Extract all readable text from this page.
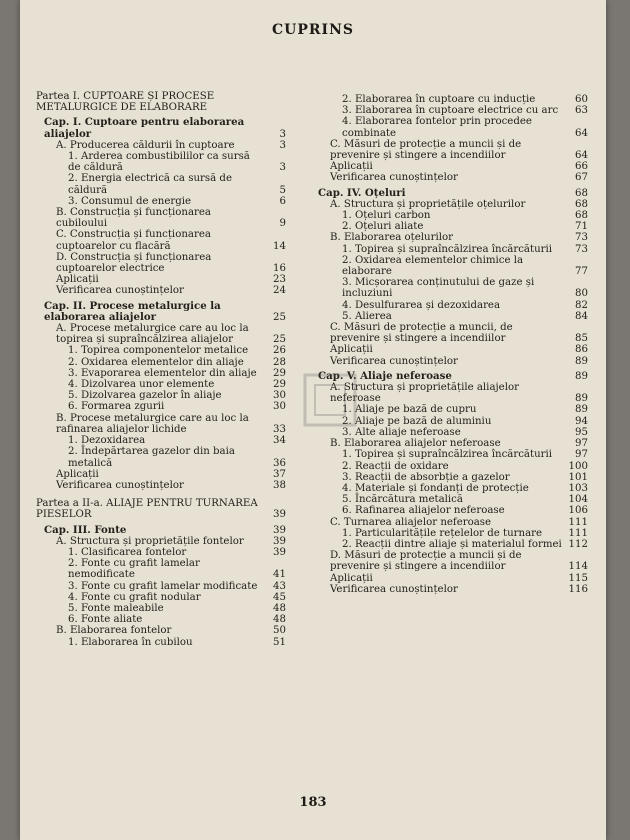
CUPRINS
Partea I. CUPTOARE ȘI PROCESE METALURGICE DE ELABORARE
Cap. I. Cuptoare pentru elaborarea aliajelor	3
A. Producerea căldurii în cuptoare	3
1. Arderea combustibililor ca sursă de căldură	3
2. Energia electrică ca sursă de căldură	5
3. Consumul de energie	6
B. Construcția și funcționarea cubiloului	9
C. Construcția și funcționarea cuptoarelor cu flacără	14
D. Construcția și funcționarea cuptoarelor electrice	16
Aplicații	23
Verificarea cunoștințelor	24
Cap. II. Procese metalurgice la elaborarea aliajelor	25
A. Procese metalurgice care au loc la topirea și supraîncălzirea aliajelor	25
1. Topirea componentelor metalice	26
2. Oxidarea elementelor din aliaje	28
3. Evaporarea elementelor din aliaje	29
4. Dizolvarea unor elemente	29
5. Dizolvarea gazelor în aliaje	30
6. Formarea zgurii	30
B. Procese metalurgice care au loc la rafinarea aliajelor lichide	33
1. Dezoxidarea	34
2. Îndepărtarea gazelor din baia metalică	36
Aplicații	37
Verificarea cunoștințelor	38
Partea a II-a. ALIAJE PENTRU TURNAREA PIESELOR	39
Cap. III. Fonte	39
A. Structura și proprietățile fontelor	39
1. Clasificarea fontelor	39
2. Fonte cu grafit lamelar nemodificate	41
3. Fonte cu grafit lamelar modificate	43
4. Fonte cu grafit nodular	45
5. Fonte maleabile	48
6. Fonte aliate	48
B. Elaborarea fontelor	50
1. Elaborarea în cubilou	51
2. Elaborarea în cuptoare cu inducție	60
3. Elaborarea în cuptoare electrice cu arc	63
4. Elaborarea fontelor prin procedee combinate	64
C. Măsuri de protecție a muncii și de prevenire și stingere a incendiilor	64
Aplicații	66
Verificarea cunoștințelor	67
Cap. IV. Oțeluri	68
A. Structura și proprietățile oțelurilor	68
1. Oțeluri carbon	68
2. Oțeluri aliate	71
B. Elaborarea oțelurilor	73
1. Topirea și supraîncălzirea încărcăturii	73
2. Oxidarea elementelor chimice la elaborare	77
3. Micșorarea conținutului de gaze și incluziuni	80
4. Desulfurarea și dezoxidarea	82
5. Alierea	84
C. Măsuri de protecție a muncii, de prevenire și stingere a incendiilor	85
Aplicații	86
Verificarea cunoștințelor	89
Cap. V. Aliaje neferoase	89
A. Structura și proprietățile aliajelor neferoase	89
1. Aliaje pe bază de cupru	89
2. Aliaje pe bază de aluminiu	94
3. Alte aliaje neferoase	95
B. Elaborarea aliajelor neferoase	97
1. Topirea și supraîncălzirea încărcăturii	97
2. Reacții de oxidare	100
3. Reacții de absorbție a gazelor	101
4. Materiale și fondanți de protecție	103
5. Încărcătura metalică	104
6. Rafinarea aliajelor neferoase	106
C. Turnarea aliajelor neferoase	111
1. Particularitățile rețelelor de turnare	111
2. Reacții dintre aliaje și materialul formei 112
D. Măsuri de protecție a muncii și de prevenire și stingere a incendiilor	114
Aplicații	115
Verificarea cunoștințelor	116
183
